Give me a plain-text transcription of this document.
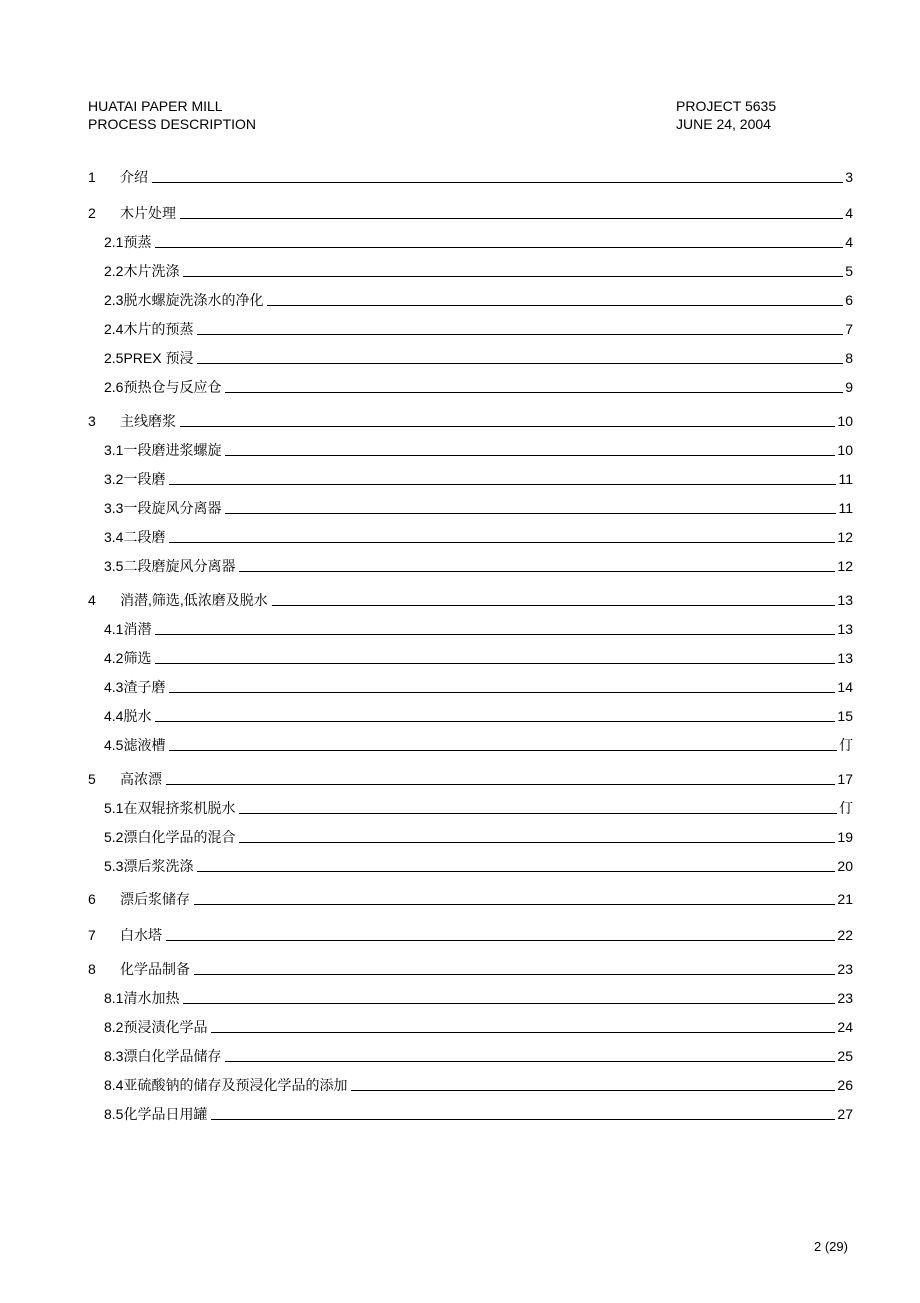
HUATAI PAPER MILL
PROCESS DESCRIPTION
PROJECT 5635
JUNE 24, 2004
1	介绍	3
2	木片处理	4
2.1 预蒸	4
2.2 木片洗涤	5
2.3 脱水螺旋洗涤水的净化	6
2.4 木片的预蒸	7
2.5 PREX 预浸	8
2.6 预热仓与反应仓	9
3	主线磨浆	10
3.1 一段磨进浆螺旋	10
3.2 一段磨	11
3.3 一段旋风分离器	11
3.4 二段磨	12
3.5 二段磨旋风分离器	12
4	消潜,筛选,低浓磨及脱水	13
4.1 消潜	13
4.2 筛选	13
4.3 渣子磨	14
4.4 脱水	15
4.5 滤液槽	仃
5	高浓漂	17
5.1 在双辊挤浆机脱水	仃
5.2 漂白化学品的混合	19
5.3 漂后浆洗涤	20
6	漂后浆储存	21
7	白水塔	22
8	化学品制备	23
8.1 清水加热	23
8.2 预浸渍化学品	24
8.3 漂白化学品储存	25
8.4 亚硫酸钠的储存及预浸化学品的添加	26
8.5 化学品日用罐	27
2 (29)
